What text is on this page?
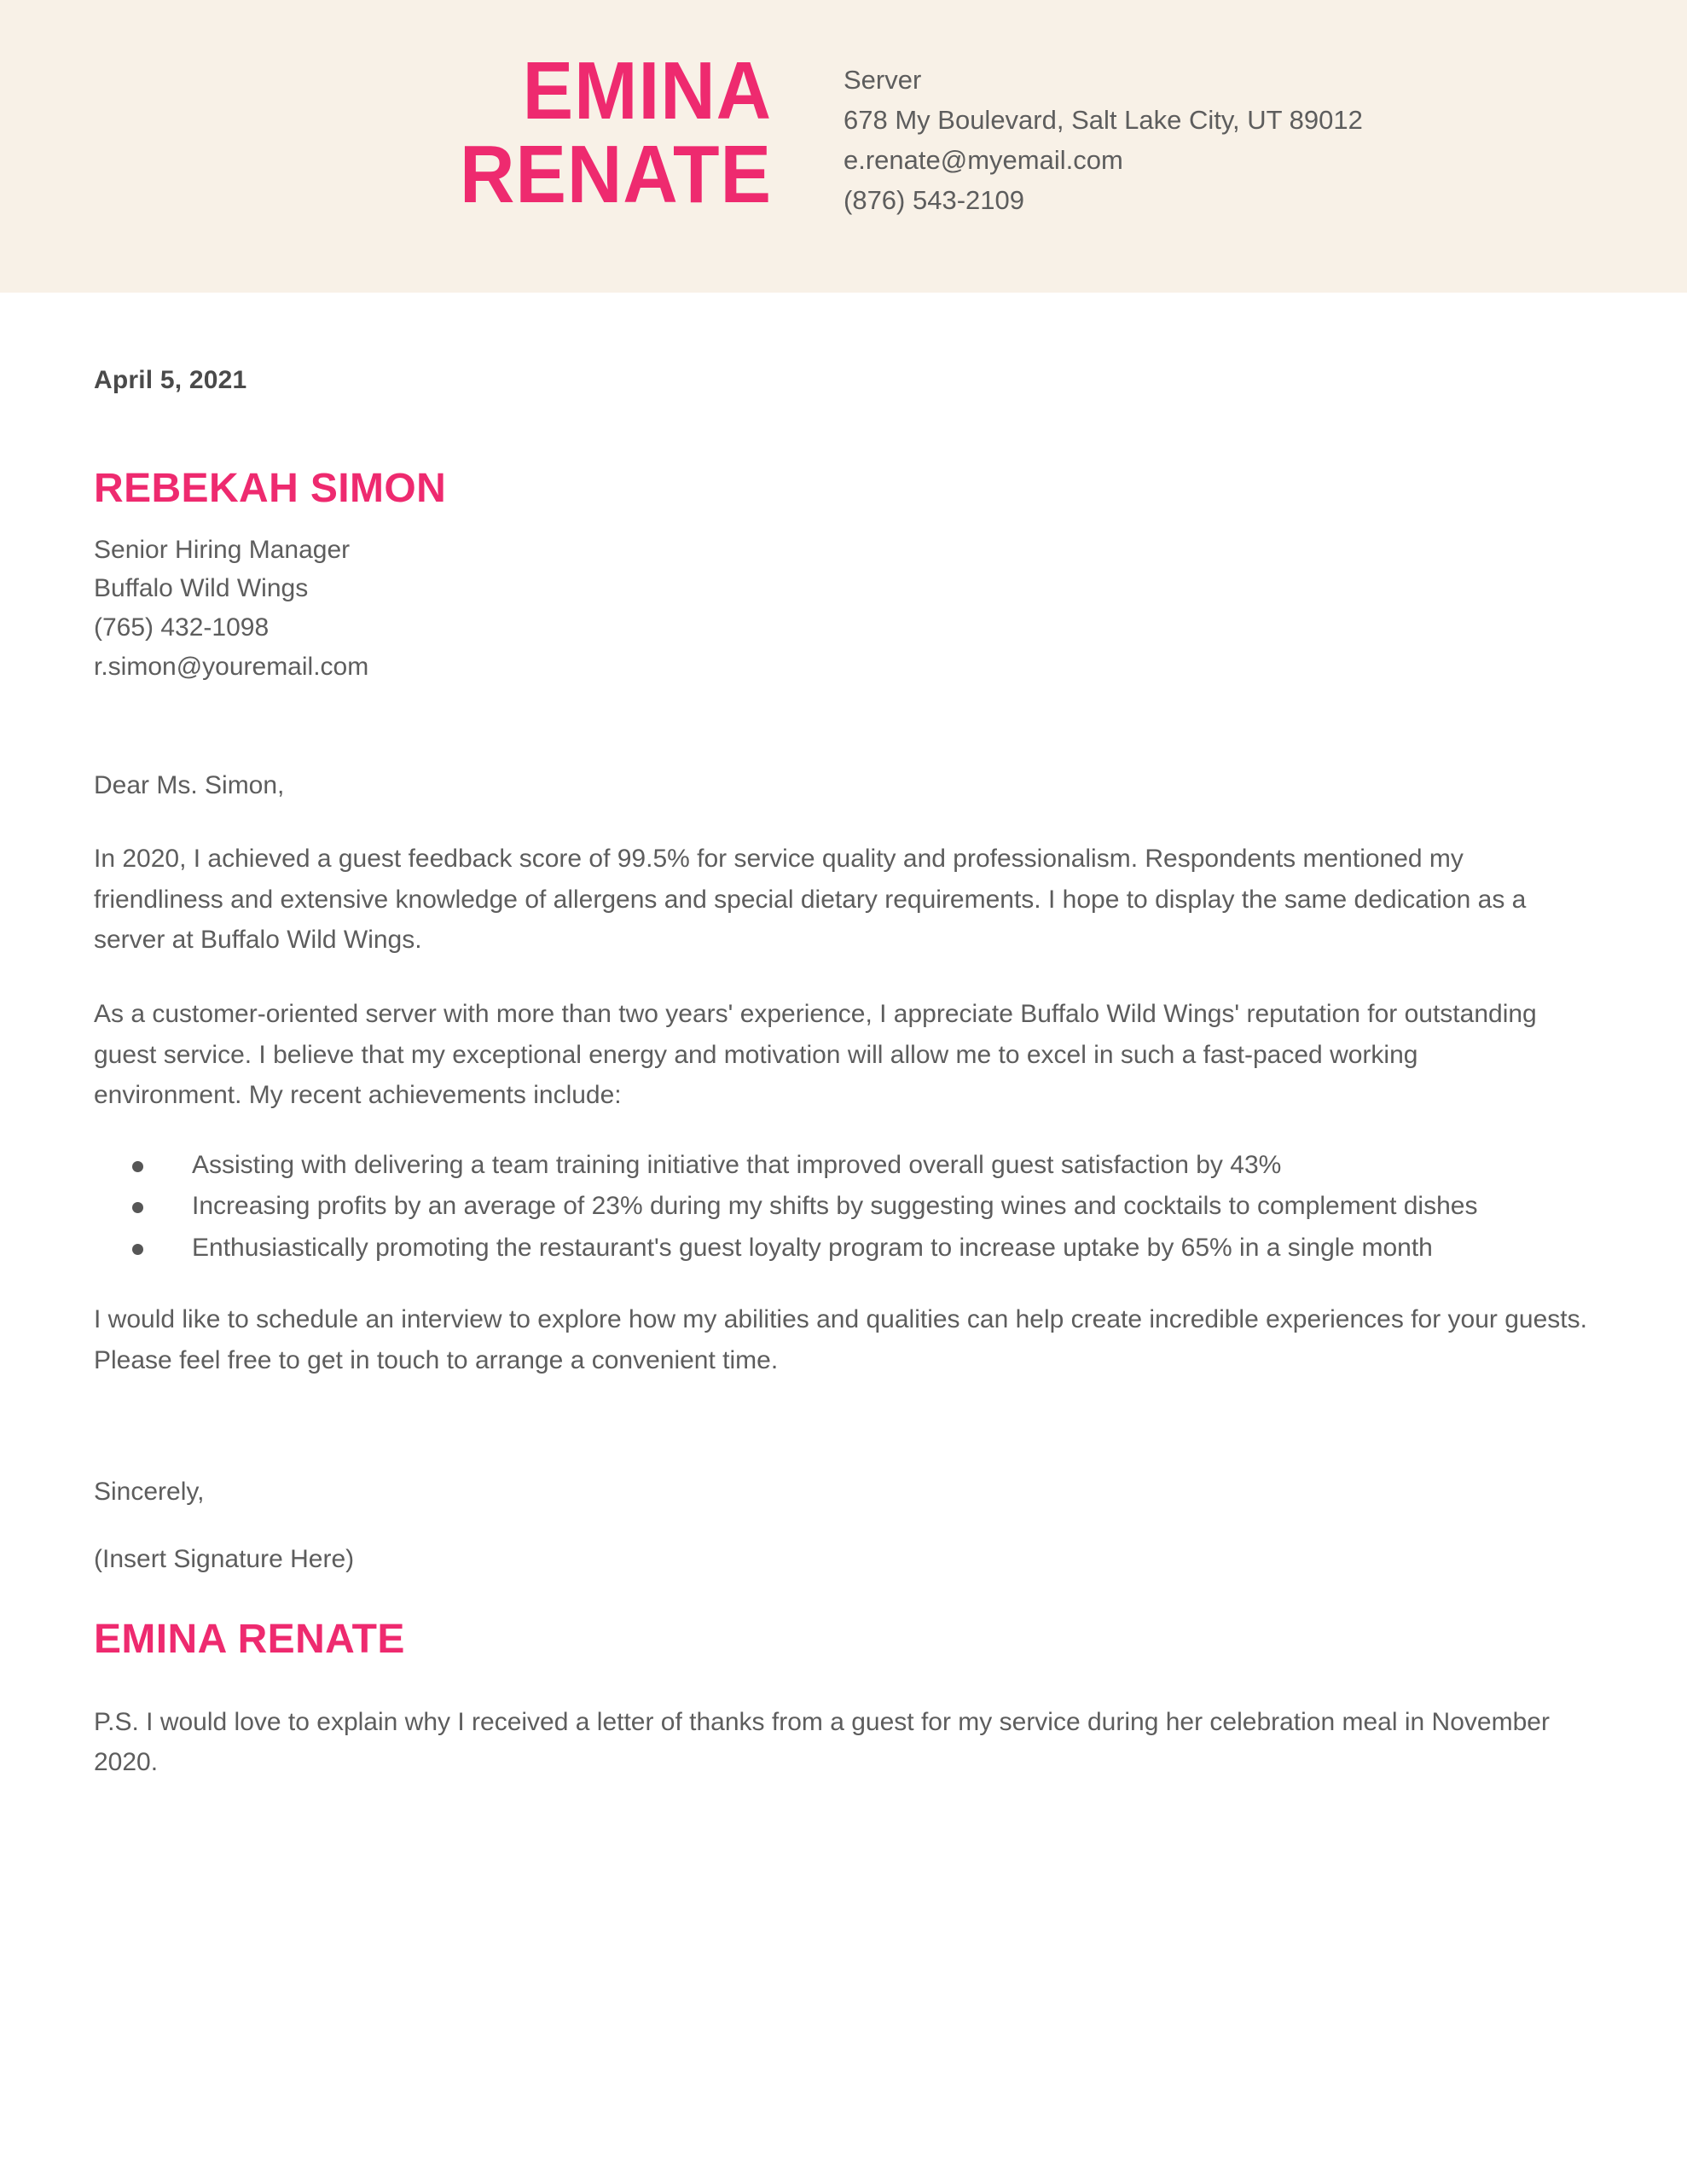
EMINA
RENATE
Server
678 My Boulevard, Salt Lake City, UT 89012
e.renate@myemail.com
(876) 543-2109
April 5, 2021
REBEKAH SIMON
Senior Hiring Manager
Buffalo Wild Wings
(765) 432-1098
r.simon@youremail.com

Dear Ms. Simon,

In 2020, I achieved a guest feedback score of 99.5% for service quality and professionalism. Respondents mentioned my friendliness and extensive knowledge of allergens and special dietary requirements. I hope to display the same dedication as a server at Buffalo Wild Wings.

As a customer-oriented server with more than two years' experience, I appreciate Buffalo Wild Wings' reputation for outstanding guest service. I believe that my exceptional energy and motivation will allow me to excel in such a fast-paced working environment. My recent achievements include:

Assisting with delivering a team training initiative that improved overall guest satisfaction by 43%
Increasing profits by an average of 23% during my shifts by suggesting wines and cocktails to complement dishes
Enthusiastically promoting the restaurant's guest loyalty program to increase uptake by 65% in a single month

I would like to schedule an interview to explore how my abilities and qualities can help create incredible experiences for your guests. Please feel free to get in touch to arrange a convenient time.

Sincerely,

(Insert Signature Here)

EMINA RENATE

P.S. I would love to explain why I received a letter of thanks from a guest for my service during her celebration meal in November 2020.
